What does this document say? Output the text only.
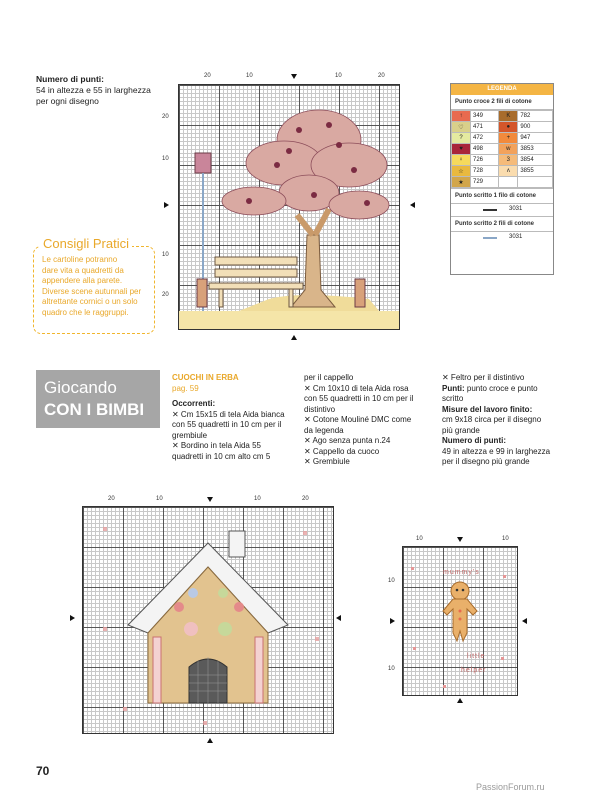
Numero di punti:
54 in altezza e 55 in larghezza
per ogni disegno
20	10	10	20
20
10
10
20
LEGENDA
Punto croce 2 fili di cotone
↑	349	K	782
♡	471	●	900
?	472	+	947
♥	498	w	3853
♀	726	3	3854
☆	728	ʌ	3855
★	729		
Punto scritto 1 filo di cotone
3031
Punto scritto 2 fili di cotone
3031
Consigli Pratici
Le cartoline potranno
dare vita a quadretti da
appendere alla parete.
Diverse scene autunnali per
altrettante cornici o un solo
quadro che le raggruppi.
Giocando
CON I BIMBI
CUOCHI IN ERBA
pag. 59
Occorrenti:
✕ Cm 15x15 di tela Aida bianca
con 55 quadretti in 10 cm per il
grembiule
✕ Bordino in tela Aida 55
quadretti in 10 cm alto cm 5
per il cappello
✕ Cm 10x10 di tela Aida rosa
con 55 quadretti in 10 cm per il
distintivo
✕ Cotone Mouliné DMC come
da legenda
✕ Ago senza punta n.24
✕ Cappello da cuoco
✕ Grembiule
✕ Feltro per il distintivo
Punti: punto croce e punto
scritto
Misure del lavoro finito:
cm 9x18 circa per il disegno
più grande
Numero di punti:
49 in altezza e 99 in larghezza
per il disegno più grande
20	10	10	20
10	10
10
10
mummy's
little
helper
70
PassionForum.ru
